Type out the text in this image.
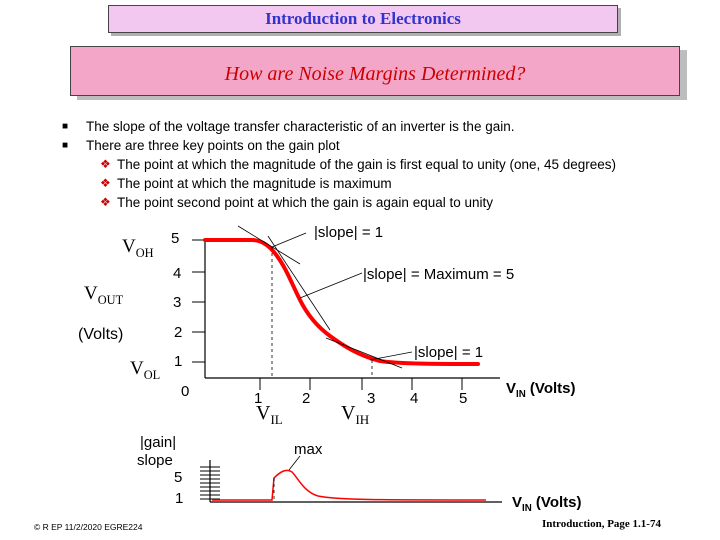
Introduction to Electronics
How are Noise Margins Determined?
■ The slope of the voltage transfer characteristic of an inverter is the gain.
■ There are three key points on the gain plot
❖ The point at which the magnitude of the gain is first equal to unity (one, 45 degrees)
❖ The point at which the magnitude is maximum
❖ The point second point at which the gain is again equal to unity
$V_{OH}$
$V_{OUT}$
(Volts)
$V_{OL}$
5
4
3
2
1
0	1	2	3 4	5
$V_{IL}$	$V_{IH}$
$V_{IN}$ (Volts)
|slope| = 1
|slope| = Maximum = 5
|slope| = 1
|gain|
slope
5
1
max
$V_{IN}$ (Volts)
© R EP 11/2/2020 EGRE224	Introduction, Page 1.1-74
